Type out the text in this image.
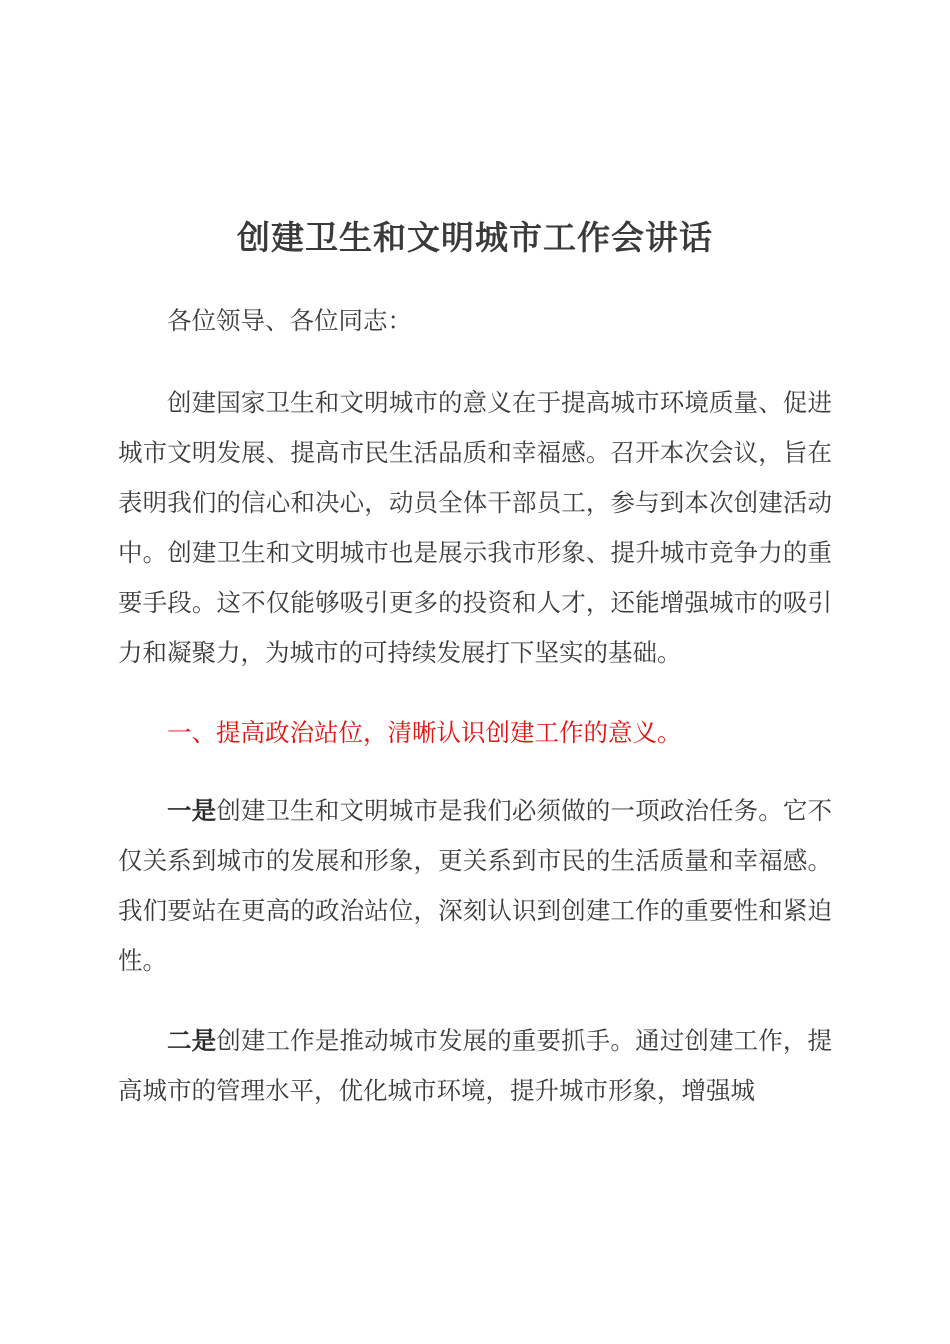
创建卫生和文明城市工作会讲话

各位领导、各位同志：

创建国家卫生和文明城市的意义在于提高城市环境质量、促进城市文明发展、提高市民生活品质和幸福感。召开本次会议，旨在表明我们的信心和决心，动员全体干部员工，参与到本次创建活动中。创建卫生和文明城市也是展示我市形象、提升城市竞争力的重要手段。这不仅能够吸引更多的投资和人才，还能增强城市的吸引力和凝聚力，为城市的可持续发展打下坚实的基础。

一、提高政治站位，清晰认识创建工作的意义。

一是创建卫生和文明城市是我们必须做的一项政治任务。它不仅关系到城市的发展和形象，更关系到市民的生活质量和幸福感。我们要站在更高的政治站位，深刻认识到创建工作的重要性和紧迫性。

二是创建工作是推动城市发展的重要抓手。通过创建工作，提高城市的管理水平，优化城市环境，提升城市形象，增强城
